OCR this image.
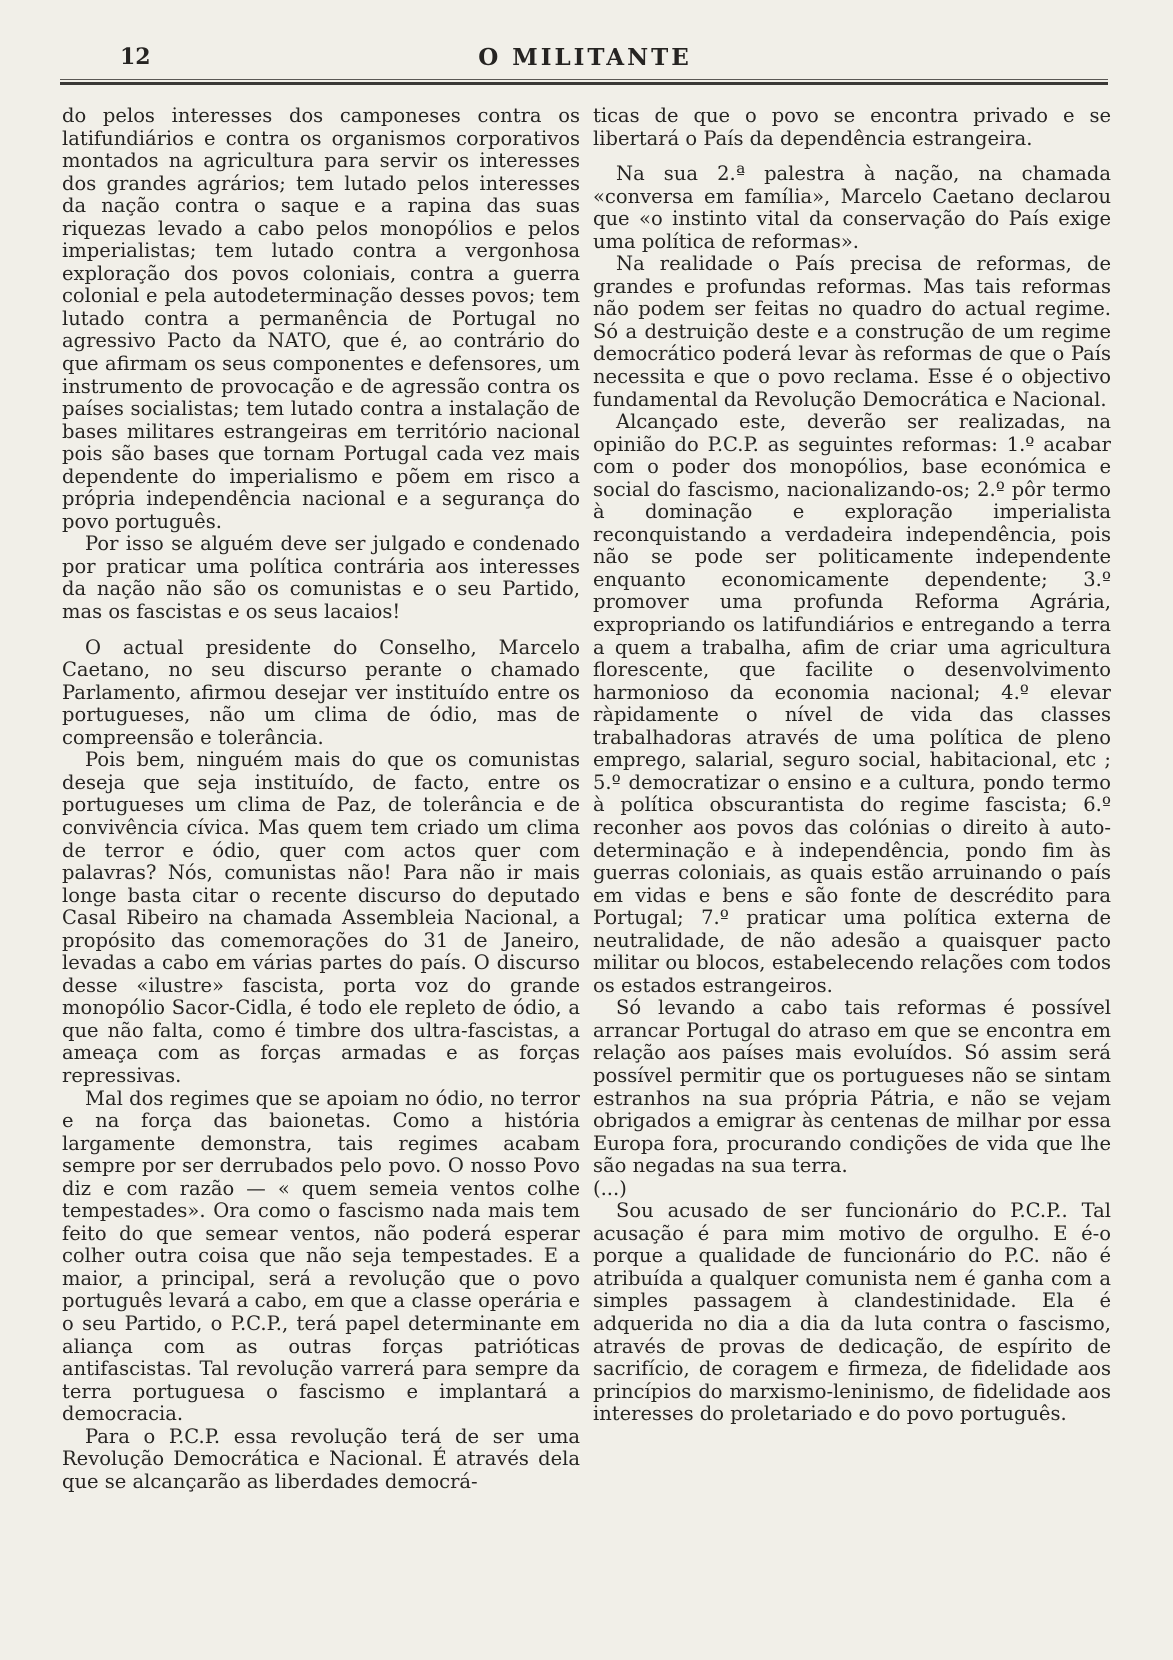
12	O MILITANTE

do pelos interesses dos camponeses contra os latifundiários e contra os organismos corporativos montados na agricultura para servir os interesses dos grandes agrários; tem lutado pelos interesses da nação contra o saque e a rapina das suas riquezas levado a cabo pelos monopólios e pelos imperialistas; tem lutado contra a vergonhosa exploração dos povos coloniais, contra a guerra colonial e pela autodeterminação desses povos; tem lutado contra a permanência de Portugal no agressivo Pacto da NATO, que é, ao contrário do que afirmam os seus componentes e defensores, um instrumento de provocação e de agressão contra os países socialistas; tem lutado contra a instalação de bases militares estrangeiras em território nacional pois são bases que tornam Portugal cada vez mais dependente do imperialismo e põem em risco a própria independência nacional e a segurança do povo português.

Por isso se alguém deve ser julgado e condenado por praticar uma política contrária aos interesses da nação não são os comunistas e o seu Partido, mas os fascistas e os seus lacaios!

O actual presidente do Conselho, Marcelo Caetano, no seu discurso perante o chamado Parlamento, afirmou desejar ver instituído entre os portugueses, não um clima de ódio, mas de compreensão e tolerância.

Pois bem, ninguém mais do que os comunistas deseja que seja instituído, de facto, entre os portugueses um clima de Paz, de tolerância e de convivência cívica. Mas quem tem criado um clima de terror e ódio, quer com actos quer com palavras? Nós, comunistas não! Para não ir mais longe basta citar o recente discurso do deputado Casal Ribeiro na chamada Assembleia Nacional, a propósito das comemorações do 31 de Janeiro, levadas a cabo em várias partes do país. O discurso desse «ilustre» fascista, porta voz do grande monopólio Sacor-Cidla, é todo ele repleto de ódio, a que não falta, como é timbre dos ultra-fascistas, a ameaça com as forças armadas e as forças repressivas.

Mal dos regimes que se apoiam no ódio, no terror e na força das baionetas. Como a história largamente demonstra, tais regimes acabam sempre por ser derrubados pelo povo. O nosso Povo diz e com razão — « quem semeia ventos colhe tempestades». Ora como o fascismo nada mais tem feito do que semear ventos, não poderá esperar colher outra coisa que não seja tempestades. E a maior, a principal, será a revolução que o povo português levará a cabo, em que a classe operária e o seu Partido, o P.C.P., terá papel determinante em aliança com as outras forças patrióticas antifascistas. Tal revolução varrerá para sempre da terra portuguesa o fascismo e implantará a democracia.

Para o P.C.P. essa revolução terá de ser uma Revolução Democrática e Nacional. É através dela que se alcançarão as liberdades democrá-

ticas de que o povo se encontra privado e se libertará o País da dependência estrangeira.

Na sua 2.ª palestra à nação, na chamada «conversa em família», Marcelo Caetano declarou que «o instinto vital da conservação do País exige uma política de reformas».

Na realidade o País precisa de reformas, de grandes e profundas reformas. Mas tais reformas não podem ser feitas no quadro do actual regime. Só a destruição deste e a construção de um regime democrático poderá levar às reformas de que o País necessita e que o povo reclama. Esse é o objectivo fundamental da Revolução Democrática e Nacional.

Alcançado este, deverão ser realizadas, na opinião do P.C.P. as seguintes reformas: 1.º acabar com o poder dos monopólios, base económica e social do fascismo, nacionalizando-os; 2.º pôr termo à dominação e exploração imperialista reconquistando a verdadeira independência, pois não se pode ser politicamente independente enquanto economicamente dependente; 3.º promover uma profunda Reforma Agrária, expropriando os latifundiários e entregando a terra a quem a trabalha, afim de criar uma agricultura florescente, que facilite o desenvolvimento harmonioso da economia nacional; 4.º elevar ràpidamente o nível de vida das classes trabalhadoras através de uma política de pleno emprego, salarial, seguro social, habitacional, etc ; 5.º democratizar o ensino e a cultura, pondo termo à política obscurantista do regime fascista; 6.º reconher aos povos das colónias o direito à auto-determinação e à independência, pondo fim às guerras coloniais, as quais estão arruinando o país em vidas e bens e são fonte de descrédito para Portugal; 7.º praticar uma política externa de neutralidade, de não adesão a quaisquer pacto militar ou blocos, estabelecendo relações com todos os estados estrangeiros.

Só levando a cabo tais reformas é possível arrancar Portugal do atraso em que se encontra em relação aos países mais evoluídos. Só assim será possível permitir que os portugueses não se sintam estranhos na sua própria Pátria, e não se vejam obrigados a emigrar às centenas de milhar por essa Europa fora, procurando condições de vida que lhe são negadas na sua terra.

(...)

Sou acusado de ser funcionário do P.C.P.. Tal acusação é para mim motivo de orgulho. E é-o porque a qualidade de funcionário do P.C. não é atribuída a qualquer comunista nem é ganha com a simples passagem à clandestinidade. Ela é adquerida no dia a dia da luta contra o fascismo, através de provas de dedicação, de espírito de sacrifício, de coragem e firmeza, de fidelidade aos princípios do marxismo-leninismo, de fidelidade aos interesses do proletariado e do povo português.
